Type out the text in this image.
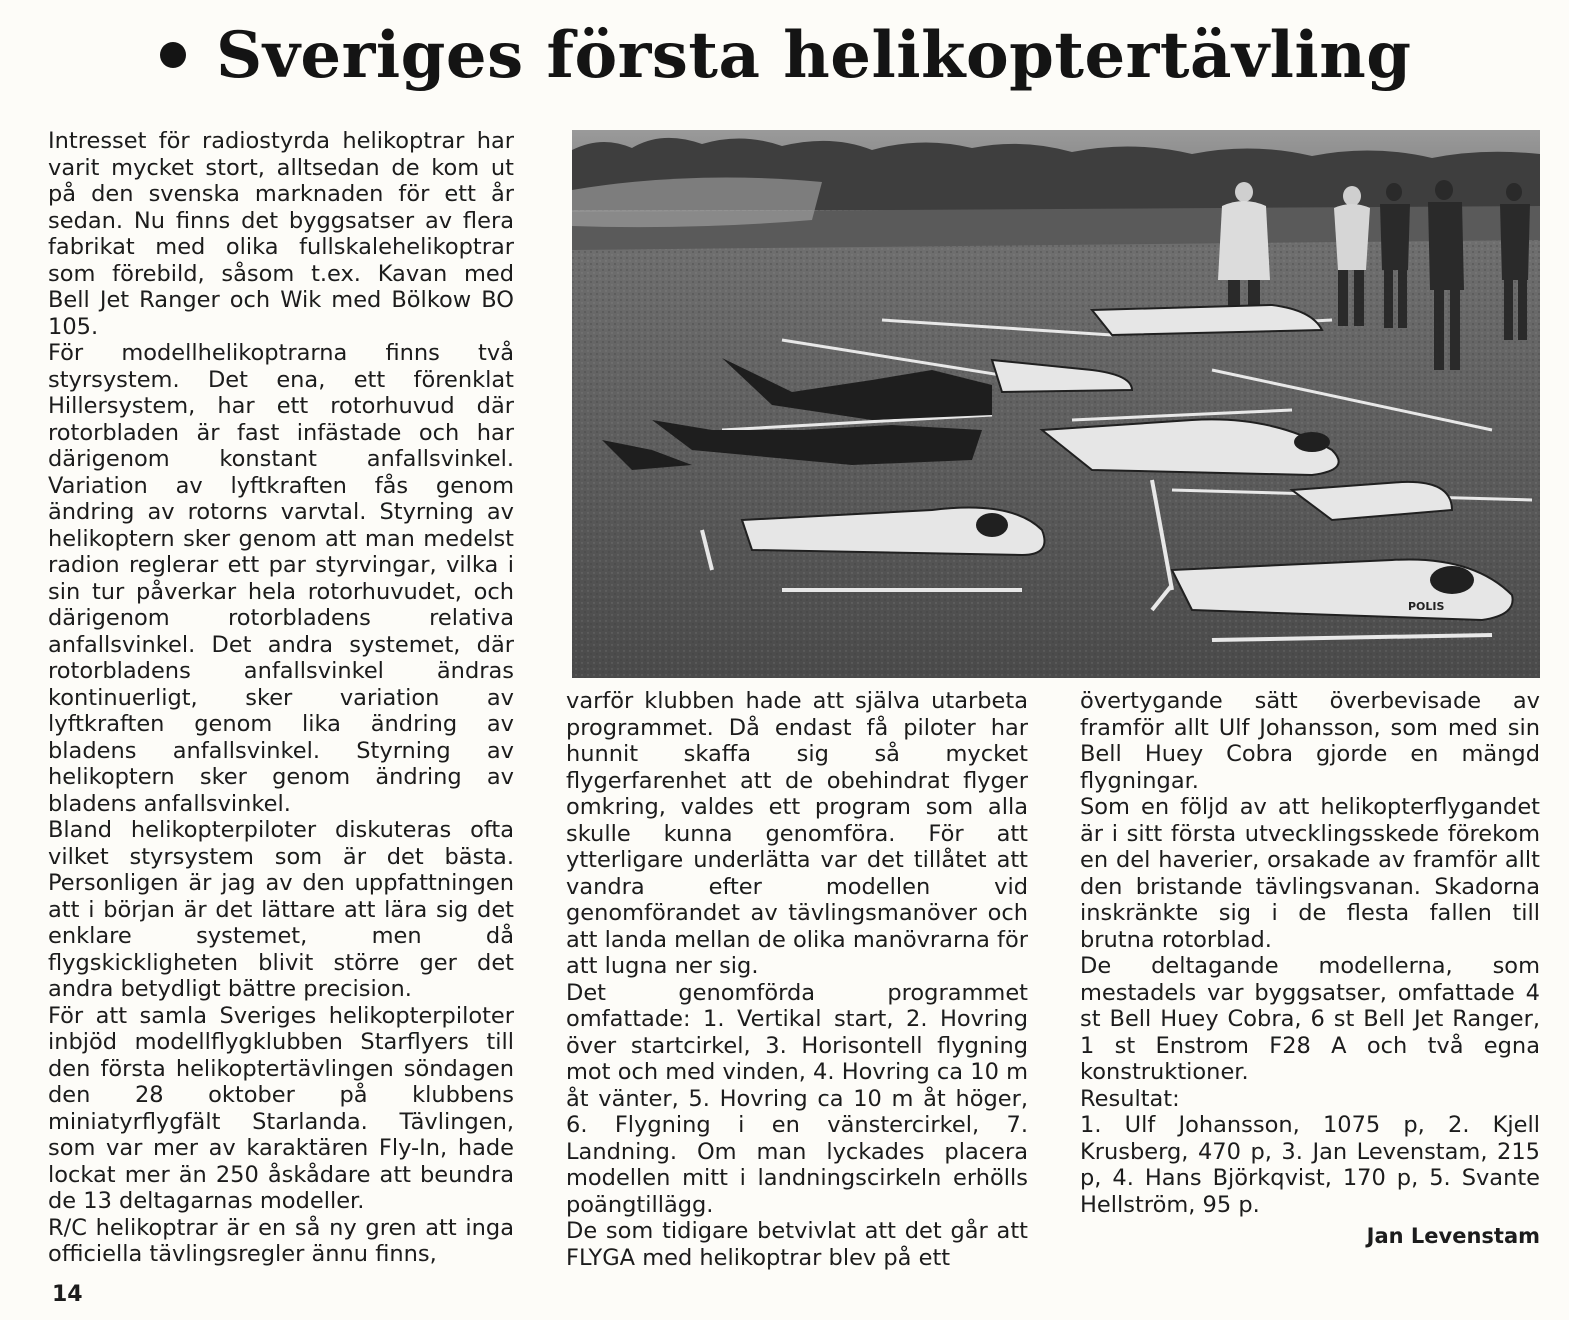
Sveriges första helikoptertävling

Intresset för radiostyrda helikoptrar har varit mycket stort, alltsedan de kom ut på den svenska marknaden för ett år sedan. Nu finns det byggsatser av flera fabrikat med olika fullskalehelikoptrar som förebild, såsom t.ex. Kavan med Bell Jet Ranger och Wik med Bölkow BO 105.

För modellhelikoptrarna finns två styrsystem. Det ena, ett förenklat Hillersystem, har ett rotorhuvud där rotorbladen är fast infästade och har därigenom konstant anfallsvinkel. Variation av lyftkraften fås genom ändring av rotorns varvtal. Styrning av helikoptern sker genom att man medelst radion reglerar ett par styrvingar, vilka i sin tur påverkar hela rotorhuvudet, och därigenom rotorbladens relativa anfallsvinkel. Det andra systemet, där rotorbladens anfallsvinkel ändras kontinuerligt, sker variation av lyftkraften genom lika ändring av bladens anfallsvinkel. Styrning av helikoptern sker genom ändring av bladens anfallsvinkel.

Bland helikopterpiloter diskuteras ofta vilket styrsystem som är det bästa. Personligen är jag av den uppfattningen att i början är det lättare att lära sig det enklare systemet, men då flygskickligheten blivit större ger det andra betydligt bättre precision.

För att samla Sveriges helikopterpiloter inbjöd modellflygklubben Starflyers till den första helikoptertävlingen söndagen den 28 oktober på klubbens miniatyrflygfält Starlanda. Tävlingen, som var mer av karaktären Fly-In, hade lockat mer än 250 åskådare att beundra de 13 deltagarnas modeller.

R/C helikoptrar är en så ny gren att inga officiella tävlingsregler ännu finns,

POLIS

varför klubben hade att själva utarbeta programmet. Då endast få piloter har hunnit skaffa sig så mycket flygerfarenhet att de obehindrat flyger omkring, valdes ett program som alla skulle kunna genomföra. För att ytterligare underlätta var det tillåtet att vandra efter modellen vid genomförandet av tävlingsmanöver och att landa mellan de olika manövrarna för att lugna ner sig.

Det genomförda programmet omfattade: 1. Vertikal start, 2. Hovring över startcirkel, 3. Horisontell flygning mot och med vinden, 4. Hovring ca 10 m åt vänter, 5. Hovring ca 10 m åt höger, 6. Flygning i en vänstercirkel, 7. Landning. Om man lyckades placera modellen mitt i landningscirkeln erhölls poängtillägg.

De som tidigare betvivlat att det går att FLYGA med helikoptrar blev på ett

övertygande sätt överbevisade av framför allt Ulf Johansson, som med sin Bell Huey Cobra gjorde en mängd flygningar.

Som en följd av att helikopterflygandet är i sitt första utvecklingsskede förekom en del haverier, orsakade av framför allt den bristande tävlingsvanan. Skadorna inskränkte sig i de flesta fallen till brutna rotorblad.

De deltagande modellerna, som mestadels var byggsatser, omfattade 4 st Bell Huey Cobra, 6 st Bell Jet Ranger, 1 st Enstrom F28 A och två egna konstruktioner.

Resultat:

1. Ulf Johansson, 1075 p, 2. Kjell Krusberg, 470 p, 3. Jan Levenstam, 215 p, 4. Hans Björkqvist, 170 p, 5. Svante Hellström, 95 p.

Jan Levenstam
14
